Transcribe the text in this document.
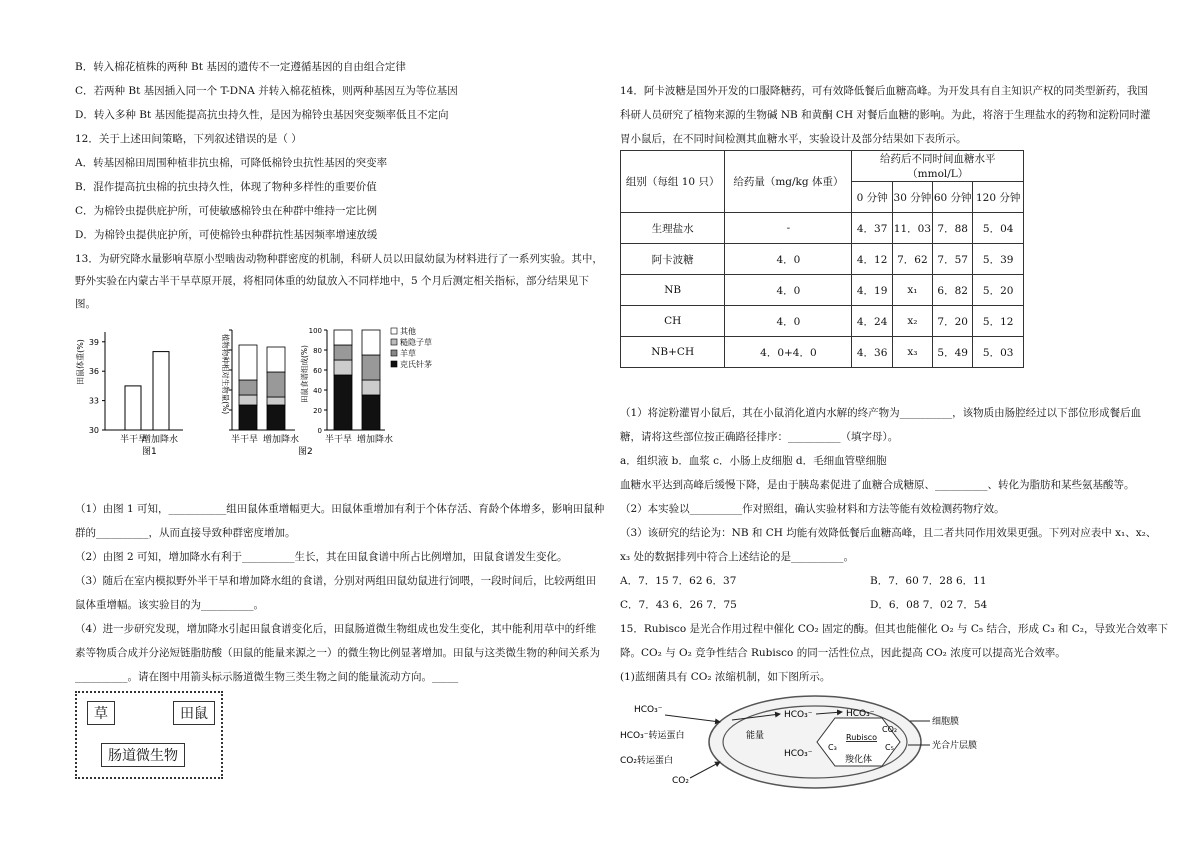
B．转入棉花植株的两种 Bt 基因的遗传不一定遵循基因的自由组合定律
C．若两种 Bt 基因插入同一个 T-DNA 并转入棉花植株，则两种基因互为等位基因
D．转入多种 Bt 基因能提高抗虫持久性，是因为棉铃虫基因突变频率低且不定向
12．关于上述田间策略，下列叙述错误的是（ ）
A．转基因棉田周围种植非抗虫棉，可降低棉铃虫抗性基因的突变率
B．混作提高抗虫棉的抗虫持久性，体现了物种多样性的重要价值
C．为棉铃虫提供庇护所，可使敏感棉铃虫在种群中维持一定比例
D．为棉铃虫提供庇护所，可使棉铃虫种群抗性基因频率增速放缓
13．为研究降水量影响草原小型啮齿动物种群密度的机制，科研人员以田鼠幼鼠为材料进行了一系列实验。其中，
野外实验在内蒙古半干旱草原开展，将相同体重的幼鼠放入不同样地中，5 个月后测定相关指标，部分结果见下
图。
田鼠体重(%)
30
33
36
39
半干旱
增加降水
图1
植物物种相对生物量(%)	田鼠食谱组成(%)
100
80
60
40
20
0
半干旱 增加降水	半干旱 增加降水
图2
其他
糙隐子草
羊草
克氏针茅
（1）由图 1 可知，___________组田鼠体重增幅更大。田鼠体重增加有利于个体存活、育龄个体增多，影响田鼠种
群的__________，从而直接导致种群密度增加。
（2）由图 2 可知，增加降水有利于__________生长，其在田鼠食谱中所占比例增加，田鼠食谱发生变化。
（3）随后在室内模拟野外半干旱和增加降水组的食谱，分别对两组田鼠幼鼠进行饲喂，一段时间后，比较两组田
鼠体重增幅。该实验目的为__________。
（4）进一步研究发现，增加降水引起田鼠食谱变化后，田鼠肠道微生物组成也发生变化，其中能利用草中的纤维
素等物质合成并分泌短链脂肪酸（田鼠的能量来源之一）的微生物比例显著增加。田鼠与这类微生物的种间关系为
__________。请在图中用箭头标示肠道微生物三类生物之间的能量流动方向。_____
草	田鼠
肠道微生物
14．阿卡波糖是国外开发的口服降糖药，可有效降低餐后血糖高峰。为开发具有自主知识产权的同类型新药，我国
科研人员研究了植物来源的生物碱 NB 和黄酮 CH 对餐后血糖的影响。为此，将溶于生理盐水的药物和淀粉同时灌
胃小鼠后，在不同时间检测其血糖水平，实验设计及部分结果如下表所示。
组别（每组 10 只）	给药量（mg/kg 体重）	给药后不同时间血糖水平（mmol/L）			
		0 分钟	30 分钟	60 分钟	120 分钟
生理盐水	-	4．37	11．03	7．88	5．04
阿卡波糖	4．0	4．12	7．62	7．57	5．39
NB	4．0	4．19	x₁	6．82	5．20
CH	4．0	4．24	x₂	7．20	5．12
NB+CH	4．0+4．0	4．36	x₃	5．49	5．03
（1）将淀粉灌胃小鼠后，其在小鼠消化道内水解的终产物为__________，该物质由肠腔经过以下部位形成餐后血
糖，请将这些部位按正确路径排序：__________（填字母）。
a．组织液 b．血浆 c．小肠上皮细胞 d．毛细血管壁细胞
血糖水平达到高峰后缓慢下降，是由于胰岛素促进了血糖合成糖原、__________、转化为脂肪和某些氨基酸等。
（2）本实验以__________作对照组，确认实验材料和方法等能有效检测药物疗效。
（3）该研究的结论为：NB 和 CH 均能有效降低餐后血糖高峰，且二者共同作用效果更强。下列对应表中 x₁、x₂、
x₃ 处的数据排列中符合上述结论的是__________。
A．7．15 7．62 6．37	B．7．60 7．28 6．11
C．7．43 6．26 7．75	D．6．08 7．02 7．54
15．Rubisco 是光合作用过程中催化 CO₂ 固定的酶。但其也能催化 O₂ 与 C₅ 结合，形成 C₃ 和 C₂，导致光合效率下
降。CO₂ 与 O₂ 竞争性结合 Rubisco 的同一活性位点，因此提高 CO₂ 浓度可以提高光合效率。
(1)蓝细菌具有 CO₂ 浓缩机制，如下图所示。
HCO₃⁻
HCO₃⁻转运蛋白
CO₂转运蛋白
CO₂
能量
HCO₃⁻
HCO₃⁻
HCO₃⁻
Rubisco
C₃	C₅
CO₂
羧化体
细胞膜
光合片层膜
